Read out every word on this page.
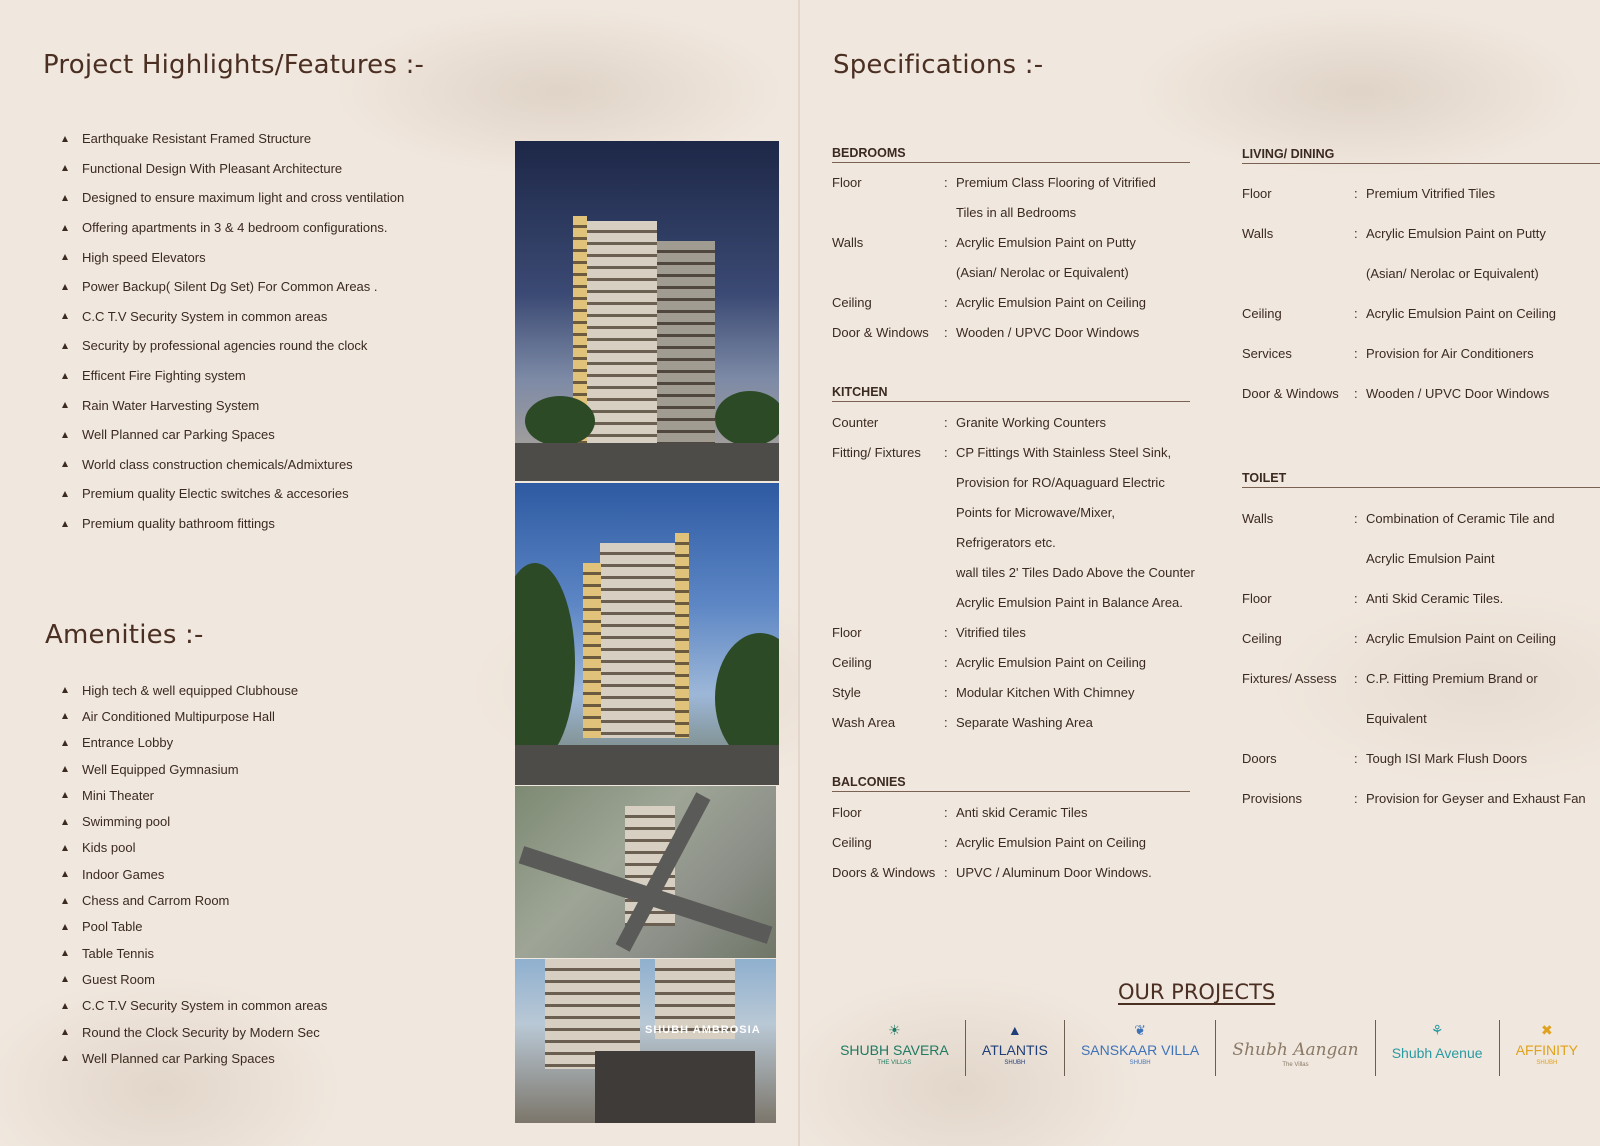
Project Highlights/Features :-
Earthquake Resistant Framed Structure
Functional Design With Pleasant Architecture
Designed to ensure maximum light and cross ventilation
Offering apartments in 3 & 4 bedroom configurations.
High speed Elevators
Power Backup( Silent Dg Set) For Common Areas .
C.C T.V Security System in common areas
Security by professional agencies round the clock
Efficent Fire Fighting system
Rain Water Harvesting System
Well Planned car Parking Spaces
World class construction chemicals/Admixtures
Premium quality Electic switches & accesories
Premium quality bathroom fittings
Amenities :-
High tech & well equipped Clubhouse
Air Conditioned Multipurpose Hall
Entrance Lobby
Well Equipped Gymnasium
Mini Theater
Swimming pool
Kids pool
Indoor Games
Chess and Carrom Room
Pool Table
Table Tennis
Guest Room
C.C T.V Security System in common areas
Round the Clock Security by Modern Sec
Well Planned car Parking Spaces
SHUBH AMBROSIA
Specifications :-
BEDROOMS
Floor	: Premium Class Flooring of Vitrified
Tiles in all Bedrooms
Walls	: Acrylic Emulsion Paint on Putty
(Asian/ Nerolac or Equivalent)
Ceiling	: Acrylic Emulsion Paint on Ceiling
Door & Windows : Wooden / UPVC Door Windows
KITCHEN
Counter	: Granite Working Counters
Fitting/ Fixtures : CP Fittings With Stainless Steel Sink,
Provision for RO/Aquaguard Electric
Points for Microwave/Mixer,
Refrigerators etc.
wall tiles 2' Tiles Dado Above the Counter
Acrylic Emulsion Paint in Balance Area.
Floor	: Vitrified tiles
Ceiling	: Acrylic Emulsion Paint on Ceiling
Style	: Modular Kitchen With Chimney
Wash Area	: Separate Washing Area
BALCONIES
Floor	: Anti skid Ceramic Tiles
Ceiling	: Acrylic Emulsion Paint on Ceiling
Doors & Windows : UPVC / Aluminum Door Windows.
LIVING/ DINING
Floor	: Premium Vitrified Tiles
Walls	: Acrylic Emulsion Paint on Putty
(Asian/ Nerolac or Equivalent)
Ceiling	: Acrylic Emulsion Paint on Ceiling
Services	: Provision for Air Conditioners
Door & Windows : Wooden / UPVC Door Windows
TOILET
Walls	: Combination of Ceramic Tile and
Acrylic Emulsion Paint
Floor	: Anti Skid Ceramic Tiles.
Ceiling	: Acrylic Emulsion Paint on Ceiling
Fixtures/ Assess : C.P. Fitting Premium Brand or
Equivalent
Doors	: Tough ISI Mark Flush Doors
Provisions	: Provision for Geyser and Exhaust Fan
OUR PROJECTS
☀
SHUBH SAVERA
THE VILLAS
▲
ATLANTIS
SHUBH
❦
SANSKAAR VILLA
SHUBH
Shubh Aangan
The Villas
⚘
Shubh Avenue
✖
AFFINITY
SHUBH
